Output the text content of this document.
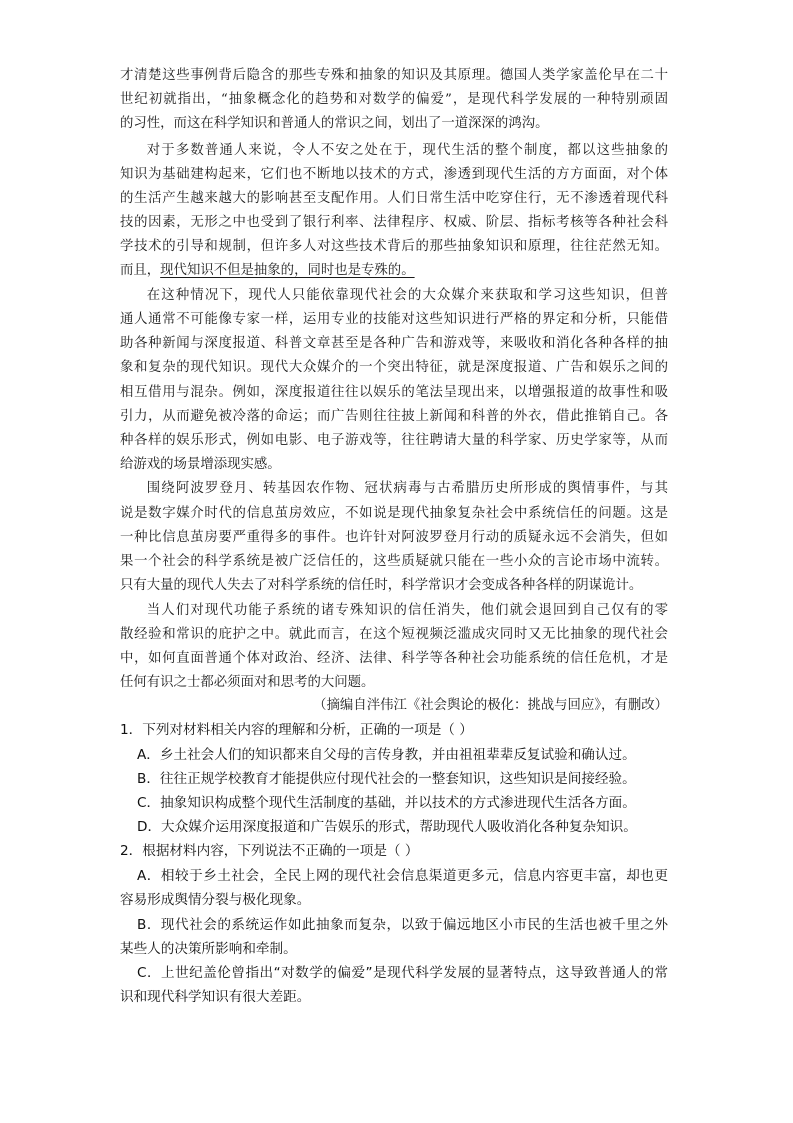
才清楚这些事例背后隐含的那些专殊和抽象的知识及其原理。德国人类学家盖伦早在二十

世纪初就指出，“抽象概念化的趋势和对数学的偏爱”，是现代科学发展的一种特别顽固

的习性，而这在科学知识和普通人的常识之间，划出了一道深深的鸿沟。

对于多数普通人来说，令人不安之处在于，现代生活的整个制度，都以这些抽象的

知识为基础建构起来，它们也不断地以技术的方式，渗透到现代生活的方方面面，对个体

的生活产生越来越大的影响甚至支配作用。人们日常生活中吃穿住行，无不渗透着现代科

技的因素，无形之中也受到了银行利率、法律程序、权威、阶层、指标考核等各种社会科

学技术的引导和规制，但许多人对这些技术背后的那些抽象知识和原理，往往茫然无知。

而且，现代知识不但是抽象的，同时也是专殊的。

在这种情况下，现代人只能依靠现代社会的大众媒介来获取和学习这些知识，但普

通人通常不可能像专家一样，运用专业的技能对这些知识进行严格的界定和分析，只能借

助各种新闻与深度报道、科普文章甚至是各种广告和游戏等，来吸收和消化各种各样的抽

象和复杂的现代知识。现代大众媒介的一个突出特征，就是深度报道、广告和娱乐之间的

相互借用与混杂。例如，深度报道往往以娱乐的笔法呈现出来，以增强报道的故事性和吸

引力，从而避免被冷落的命运；而广告则往往披上新闻和科普的外衣，借此推销自己。各

种各样的娱乐形式，例如电影、电子游戏等，往往聘请大量的科学家、历史学家等，从而

给游戏的场景增添现实感。

围绕阿波罗登月、转基因农作物、冠状病毒与古希腊历史所形成的舆情事件，与其

说是数字媒介时代的信息茧房效应，不如说是现代抽象复杂社会中系统信任的问题。这是

一种比信息茧房要严重得多的事件。也许针对阿波罗登月行动的质疑永远不会消失，但如

果一个社会的科学系统是被广泛信任的，这些质疑就只能在一些小众的言论市场中流转。

只有大量的现代人失去了对科学系统的信任时，科学常识才会变成各种各样的阴谋诡计。

当人们对现代功能子系统的诸专殊知识的信任消失，他们就会退回到自己仅有的零

散经验和常识的庇护之中。就此而言，在这个短视频泛滥成灾同时又无比抽象的现代社会

中，如何直面普通个体对政治、经济、法律、科学等各种社会功能系统的信任危机，才是

任何有识之士都必须面对和思考的大问题。

（摘编自泮伟江《社会舆论的极化：挑战与回应》，有删改）
1．下列对材料相关内容的理解和分析，正确的一项是（ ）
A．乡土社会人们的知识都来自父母的言传身教，并由祖祖辈辈反复试验和确认过。
B．往往正规学校教育才能提供应付现代社会的一整套知识，这些知识是间接经验。
C．抽象知识构成整个现代生活制度的基础，并以技术的方式渗进现代生活各方面。
D．大众媒介运用深度报道和广告娱乐的形式，帮助现代人吸收消化各种复杂知识。
2．根据材料内容，下列说法不正确的一项是（ ）
A．相较于乡土社会，全民上网的现代社会信息渠道更多元，信息内容更丰富，却也更
容易形成舆情分裂与极化现象。
B．现代社会的系统运作如此抽象而复杂，以致于偏远地区小市民的生活也被千里之外
某些人的决策所影响和牵制。
C．上世纪盖伦曾指出“对数学的偏爱”是现代科学发展的显著特点，这导致普通人的常
识和现代科学知识有很大差距。
